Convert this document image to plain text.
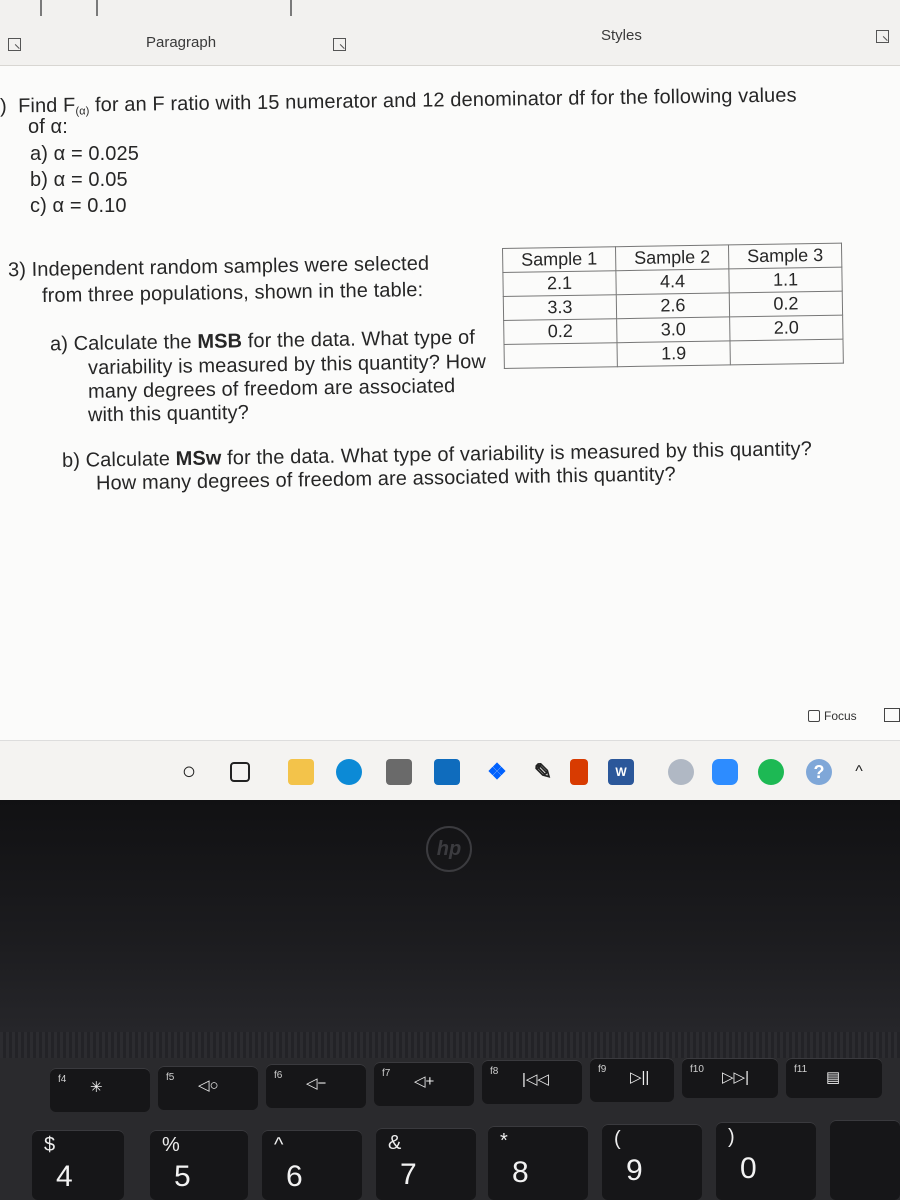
Paragraph	Styles
) Find $F_{(\alpha)}$ for an F ratio with 15 numerator and 12 denominator df for the following values
of α:
a) α = 0.025
b) α = 0.05
c) α = 0.10
3) Independent random samples were selected
from three populations, shown in the table:
a) Calculate the MSB for the data. What type of
variability is measured by this quantity? How
many degrees of freedom are associated
with this quantity?
b) Calculate MSw for the data. What type of variability is measured by this quantity?
How many degrees of freedom are associated with this quantity?
Sample 1	Sample 2	Sample 3
2.1	4.4	1.1
3.3	2.6	0.2
0.2	3.0	2.0
	1.9	
Focus
○	❖ ✎	W	?	^
hp
f4 ✳
f5 ◁○
f6 ◁−
f7 ◁+
f8 |◁◁
f9 ▷||	f10 ▷▷|	f11 ▤
$
4
%
5
^
6
&
7
*
8
(
9
)
0
